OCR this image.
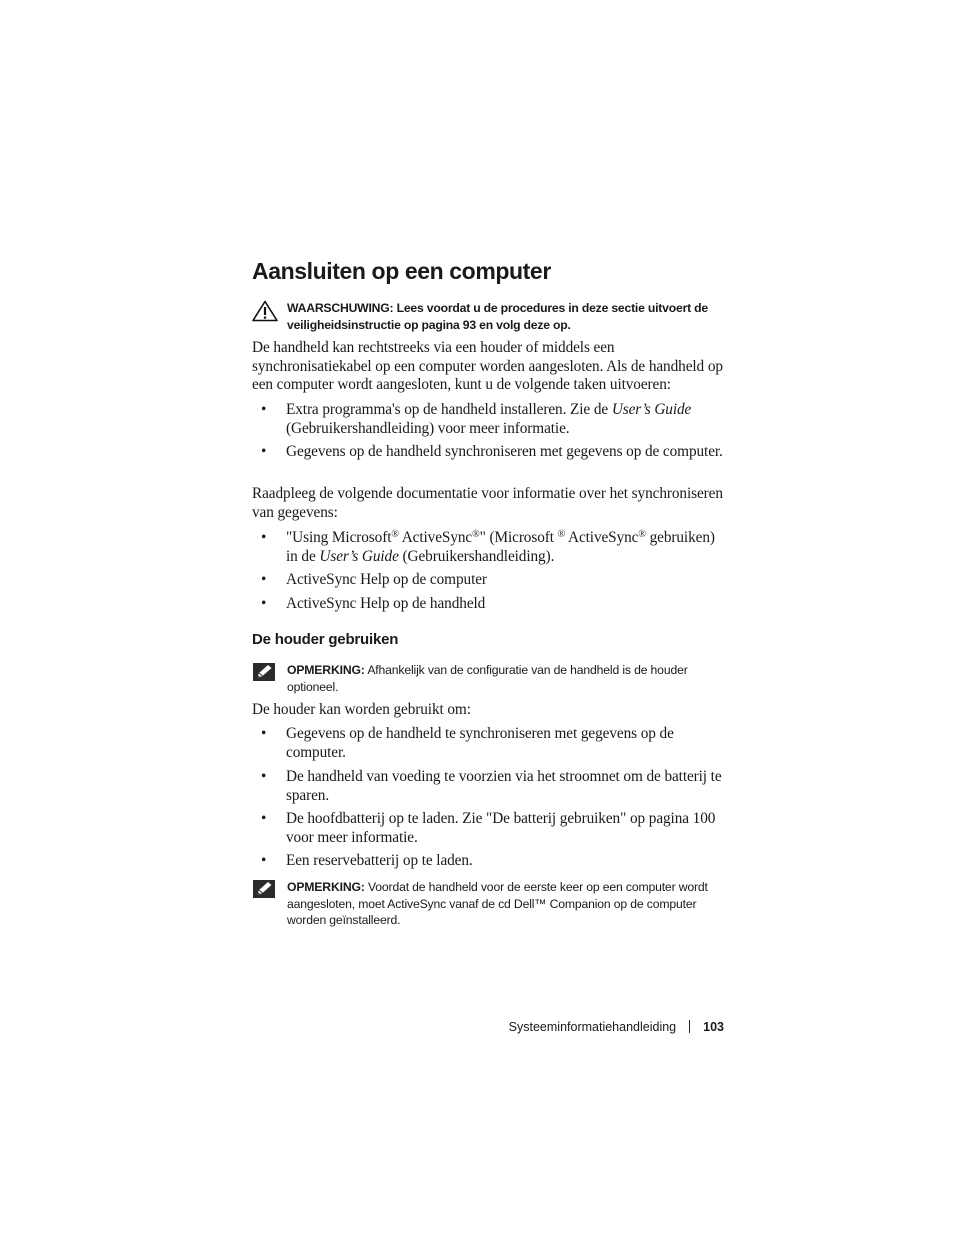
Aansluiten op een computer
WAARSCHUWING: Lees voordat u de procedures in deze sectie uitvoert de veiligheidsinstructie op pagina 93 en volg deze op.

De handheld kan rechtstreeks via een houder of middels een synchronisatiekabel op een computer worden aangesloten. Als de handheld op een computer wordt aangesloten, kunt u de volgende taken uitvoeren:

• Extra programma's op de handheld installeren. Zie de User’s Guide (Gebruikershandleiding) voor meer informatie.
• Gegevens op de handheld synchroniseren met gegevens op de computer.

Raadpleeg de volgende documentatie voor informatie over het synchroniseren van gegevens:

• "Using Microsoft® ActiveSync®" (Microsoft ® ActiveSync® gebruiken) in de User’s Guide (Gebruikershandleiding).
• ActiveSync Help op de computer
• ActiveSync Help op de handheld
De houder gebruiken
OPMERKING: Afhankelijk van de configuratie van de handheld is de houder optioneel.

De houder kan worden gebruikt om:

• Gegevens op de handheld te synchroniseren met gegevens op de computer.
• De handheld van voeding te voorzien via het stroomnet om de batterij te sparen.
• De hoofdbatterij op te laden. Zie "De batterij gebruiken" op pagina 100 voor meer informatie.
• Een reservebatterij op te laden.
OPMERKING: Voordat de handheld voor de eerste keer op een computer wordt aangesloten, moet ActiveSync vanaf de cd Dell™ Companion op de computer worden geïnstalleerd.
Systeeminformatiehandleiding 103
